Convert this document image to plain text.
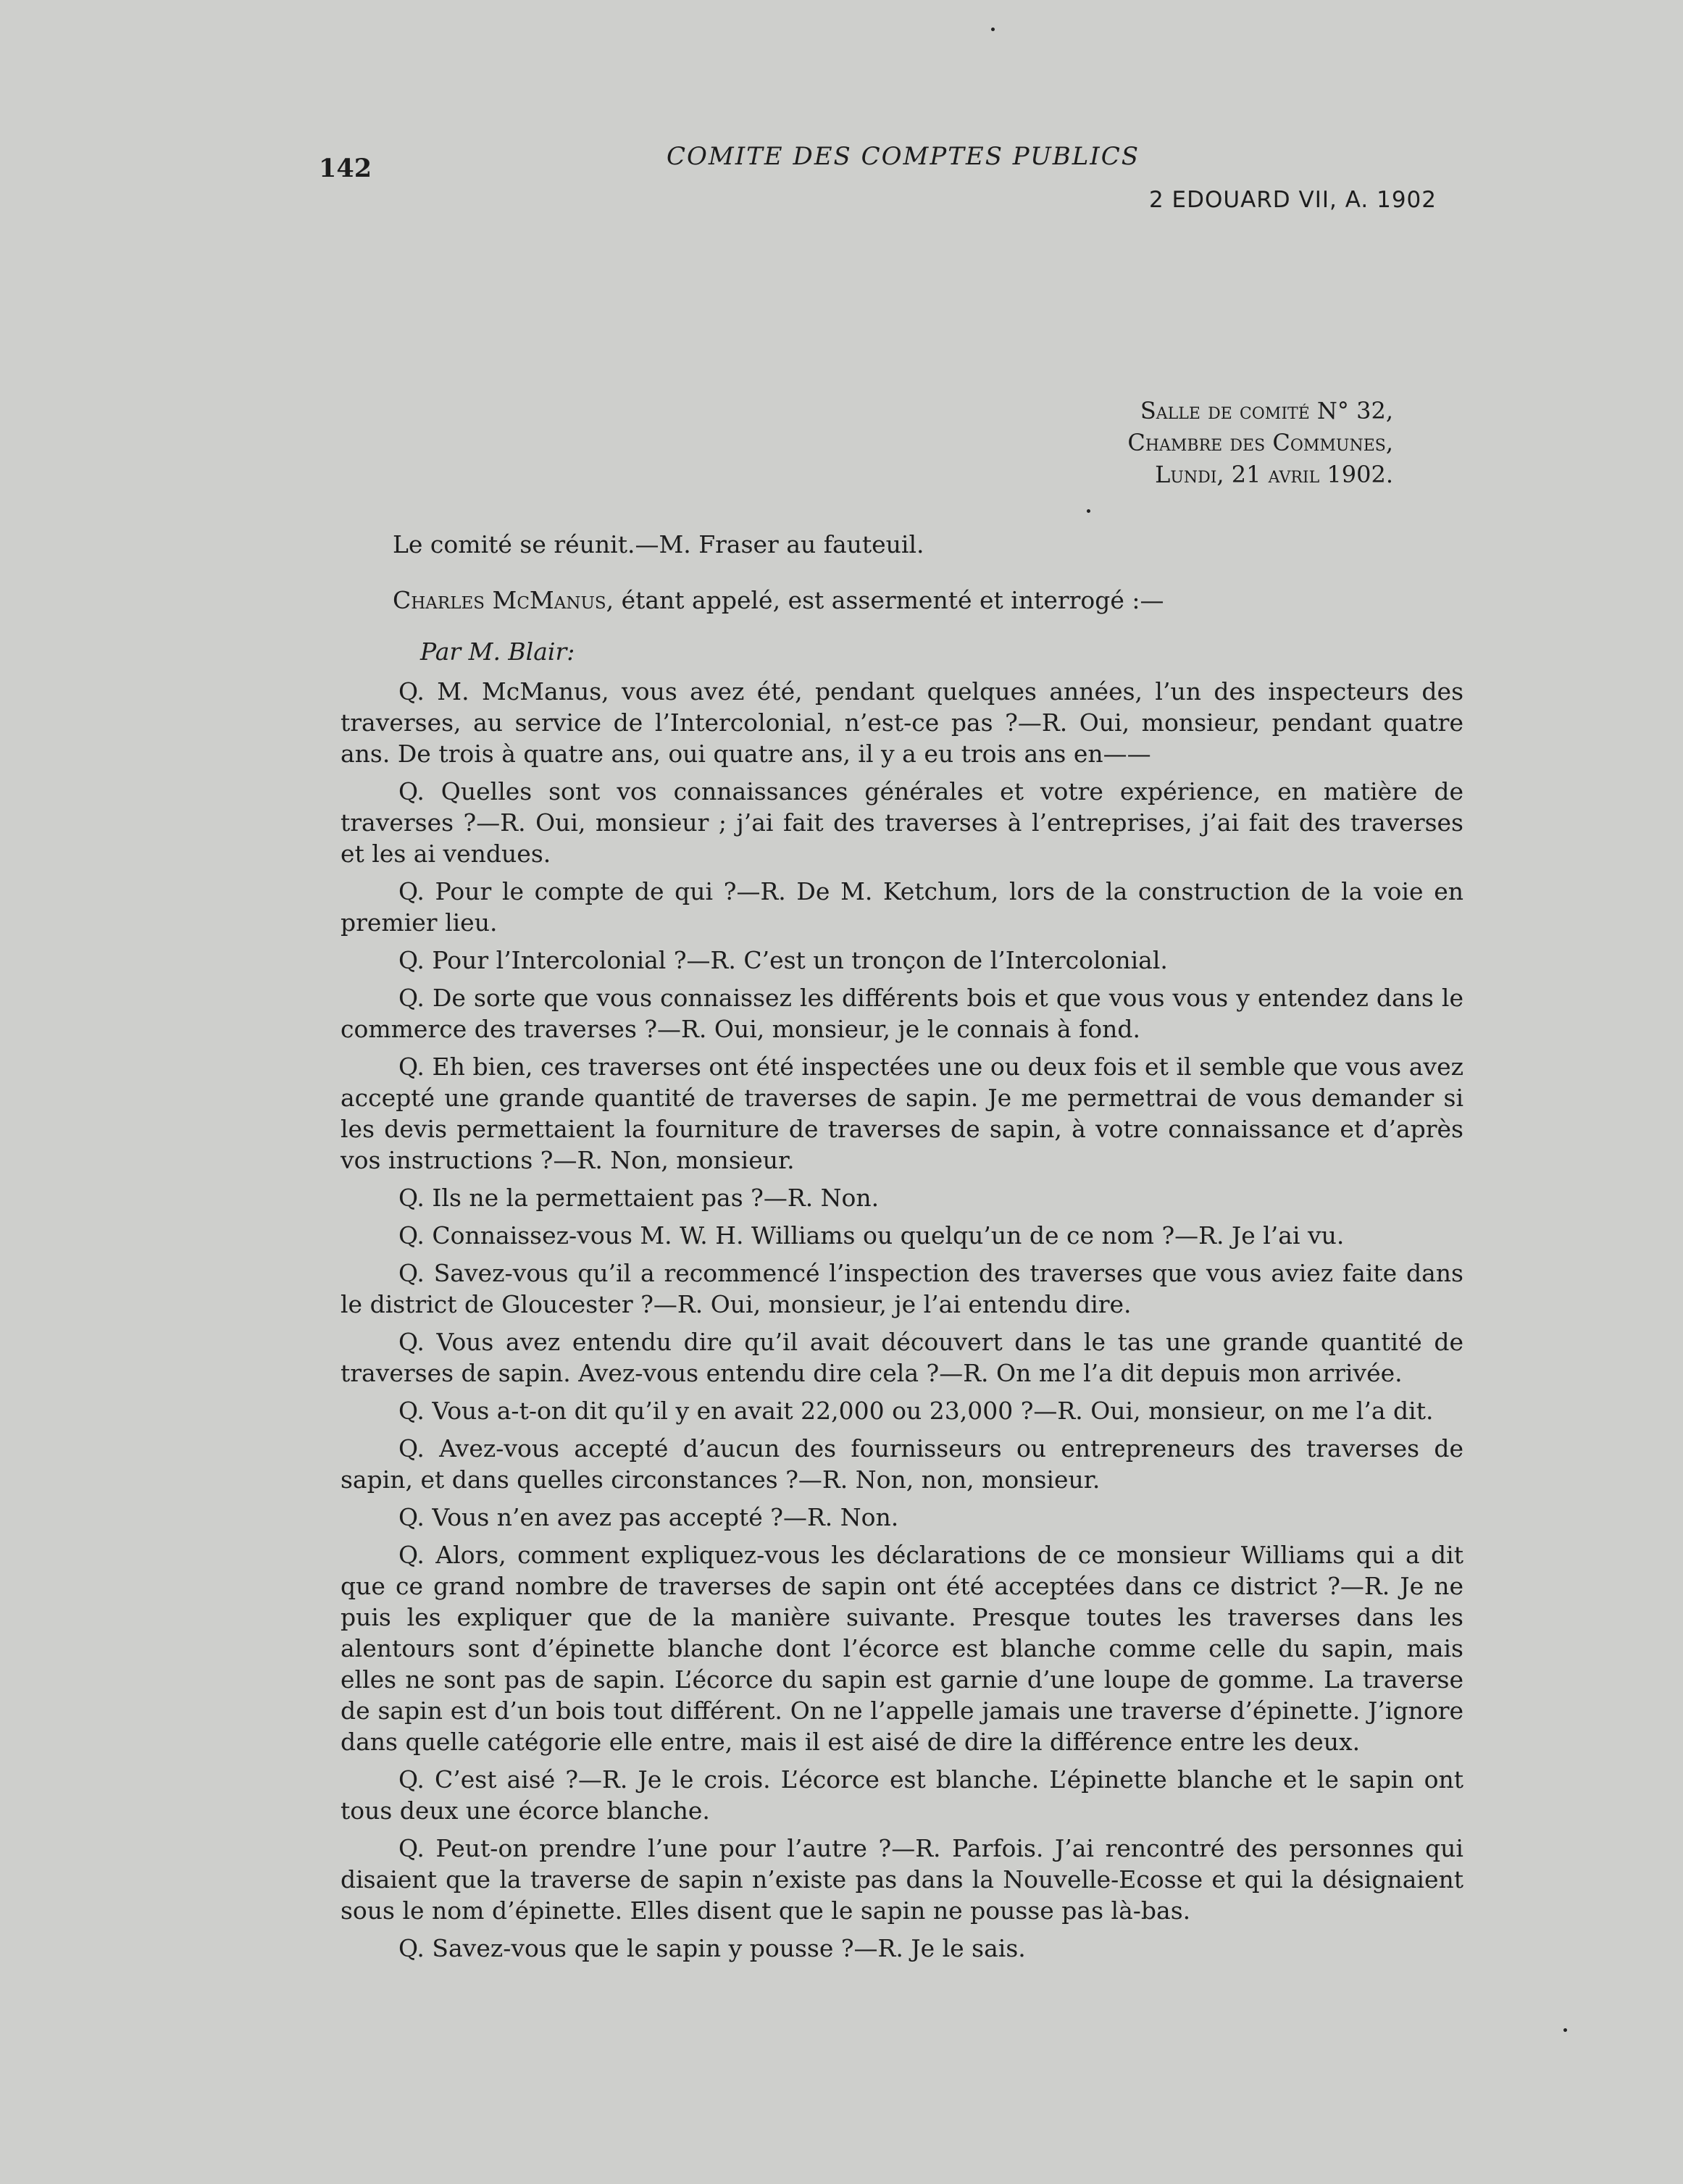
142	COMITE DES COMPTES PUBLICS
2 EDOUARD VII, A. 1902
Salle de comité N° 32,
Chambre des Communes,
Lundi, 21 avril 1902.

Le comité se réunit.—M. Fraser au fauteuil.

Charles McManus, étant appelé, est assermenté et interrogé :—

Par M. Blair:

Q. M. McManus, vous avez été, pendant quelques années, l’un des inspecteurs des traverses, au service de l’Intercolonial, n’est-ce pas ?—R. Oui, monsieur, pendant quatre ans. De trois à quatre ans, oui quatre ans, il y a eu trois ans en——

Q. Quelles sont vos connaissances générales et votre expérience, en matière de traverses ?—R. Oui, monsieur ; j’ai fait des traverses à l’entreprises, j’ai fait des traverses et les ai vendues.

Q. Pour le compte de qui ?—R. De M. Ketchum, lors de la construction de la voie en premier lieu.

Q. Pour l’Intercolonial ?—R. C’est un tronçon de l’Intercolonial.

Q. De sorte que vous connaissez les différents bois et que vous vous y entendez dans le commerce des traverses ?—R. Oui, monsieur, je le connais à fond.

Q. Eh bien, ces traverses ont été inspectées une ou deux fois et il semble que vous avez accepté une grande quantité de traverses de sapin. Je me permettrai de vous demander si les devis permettaient la fourniture de traverses de sapin, à votre connaissance et d’après vos instructions ?—R. Non, monsieur.

Q. Ils ne la permettaient pas ?—R. Non.

Q. Connaissez-vous M. W. H. Williams ou quelqu’un de ce nom ?—R. Je l’ai vu.

Q. Savez-vous qu’il a recommencé l’inspection des traverses que vous aviez faite dans le district de Gloucester ?—R. Oui, monsieur, je l’ai entendu dire.

Q. Vous avez entendu dire qu’il avait découvert dans le tas une grande quantité de traverses de sapin. Avez-vous entendu dire cela ?—R. On me l’a dit depuis mon arrivée.

Q. Vous a-t-on dit qu’il y en avait 22,000 ou 23,000 ?—R. Oui, monsieur, on me l’a dit.

Q. Avez-vous accepté d’aucun des fournisseurs ou entrepreneurs des traverses de sapin, et dans quelles circonstances ?—R. Non, non, monsieur.

Q. Vous n’en avez pas accepté ?—R. Non.

Q. Alors, comment expliquez-vous les déclarations de ce monsieur Williams qui a dit que ce grand nombre de traverses de sapin ont été acceptées dans ce district ?—R. Je ne puis les expliquer que de la manière suivante. Presque toutes les traverses dans les alentours sont d’épinette blanche dont l’écorce est blanche comme celle du sapin, mais elles ne sont pas de sapin. L’écorce du sapin est garnie d’une loupe de gomme. La traverse de sapin est d’un bois tout différent. On ne l’appelle jamais une traverse d’épinette. J’ignore dans quelle catégorie elle entre, mais il est aisé de dire la différence entre les deux.

Q. C’est aisé ?—R. Je le crois. L’écorce est blanche. L’épinette blanche et le sapin ont tous deux une écorce blanche.

Q. Peut-on prendre l’une pour l’autre ?—R. Parfois. J’ai rencontré des personnes qui disaient que la traverse de sapin n’existe pas dans la Nouvelle-Ecosse et qui la désignaient sous le nom d’épinette. Elles disent que le sapin ne pousse pas là-bas.

Q. Savez-vous que le sapin y pousse ?—R. Je le sais.
